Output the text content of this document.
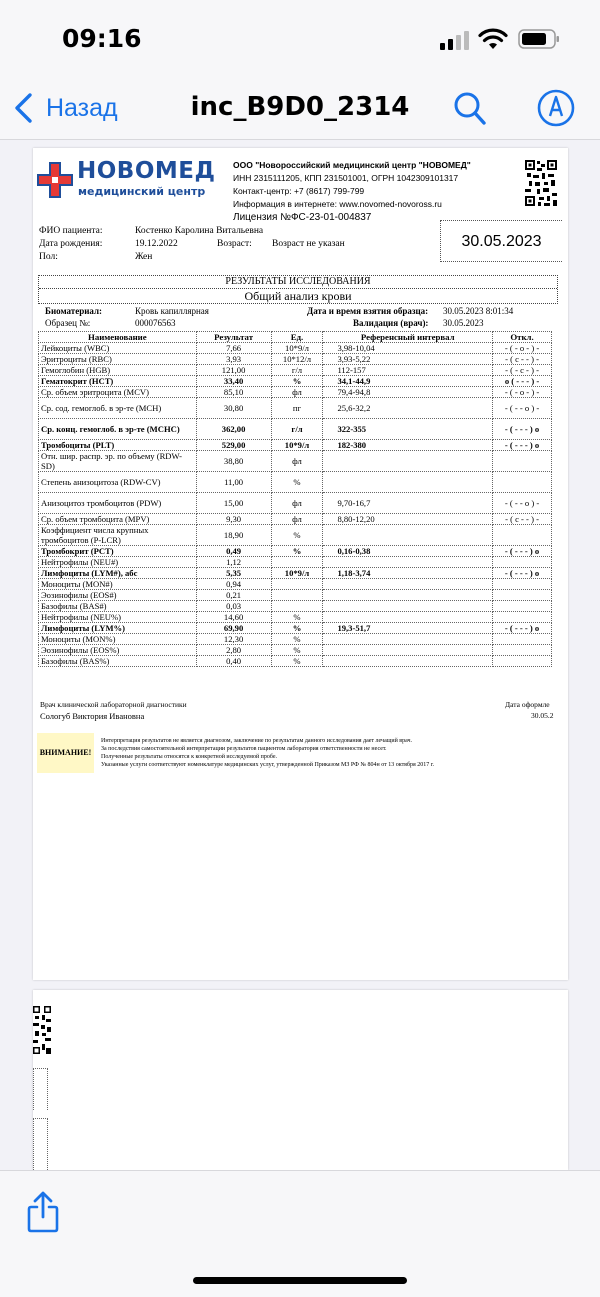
09:16
Назад	inc_B9D0_2314
НОВОМЕД
медицинский центр
ООО "Новороссийский медицинский центр "НОВОМЕД"
ИНН 2315111205, КПП 231501001, ОГРН 1042309101317
Контакт-центр: +7 (8617) 799-799
Информация в интернете: www.novomed-novoross.ru
Лицензия №ФС-23-01-004837
ФИО пациента:	Костенко Каролина Витальевна
Дата рождения:	19.12.2022	Возраст: Возраст не указан
Пол:	Жен
30.05.2023
РЕЗУЛЬТАТЫ ИССЛЕДОВАНИЯ
Общий анализ крови
Биоматериал:	Кровь капиллярная	Дата и время взятия образца: 30.05.2023 8:01:34
Образец №:	000076563	Валидация (врач): 30.05.2023
Наименование	Результат	Ед.	Референсный интервал	Откл.
Лейкоциты (WBC)	7,66	10*9/л	3,98-10,04	- ( - о - ) -
Эритроциты (RBC)	3,93	10*12/л	3,93-5,22	- ( с - - ) -
Гемоглобин (HGB)	121,00	г/л	112-157	- ( - с - ) -
Гематокрит (HCT)	33,40	%	34,1-44,9	о ( - - - ) -
Ср. объем эритроцита (MCV)	85,10	фл	79,4-94,8	- ( - о - ) -
Ср. сод. гемоглоб. в эр-те (MCH)	30,80	пг	25,6-32,2	- ( - - о ) -
Ср. конц. гемоглоб. в эр-те (MCHC)	362,00	г/л	322-355	- ( - - - ) о
Тромбоциты (PLT)	529,00	10*9/л	182-380	- ( - - - ) о
Отн. шир. распр. эр. по объему (RDW-SD)	38,80	фл		
Степень анизоцитоза (RDW-CV)	11,00	%		
Анизоцитоз тромбоцитов (PDW)	15,00	фл	9,70-16,7	- ( - - о ) -
Ср. объем тромбоцита (MPV)	9,30	фл	8,80-12,20	- ( с - - ) -
Коэффициент числа крупных тромбоцитов (P-LCR)	18,90	%		
Тромбокрит (PCT)	0,49	%	0,16-0,38	- ( - - - ) о
Нейтрофилы (NEU#)	1,12			
Лимфоциты (LYM#), абс	5,35	10*9/л	1,18-3,74	- ( - - - ) о
Моноциты (MON#)	0,94			
Эозинофилы (EOS#)	0,21			
Базофилы (BAS#)	0,03			
Нейтрофилы (NEU%)	14,60	%		
Лимфоциты (LYM%)	69,90	%	19,3-51,7	- ( - - - ) о
Моноциты (MON%)	12,30	%		
Эозинофилы (EOS%)	2,80	%		
Базофилы (BAS%)	0,40	%		
Врач клинической лабораторной диагностики
Сологуб Виктория Ивановна
Дата оформле
30.05.2
ВНИМАНИЕ!
Интерпретация результатов не является диагнозом, заключение по результатам данного исследования дает лечащий врач.
За последствия самостоятельной интерпретации результатов пациентом лаборатория ответственности не несет.
Полученные результаты относятся к конкретной исследуемой пробе.
Указанные услуги соответствуют номенклатуре медицинских услуг, утвержденной Приказом МЗ РФ № 804н от 13 октября 2017 г.
